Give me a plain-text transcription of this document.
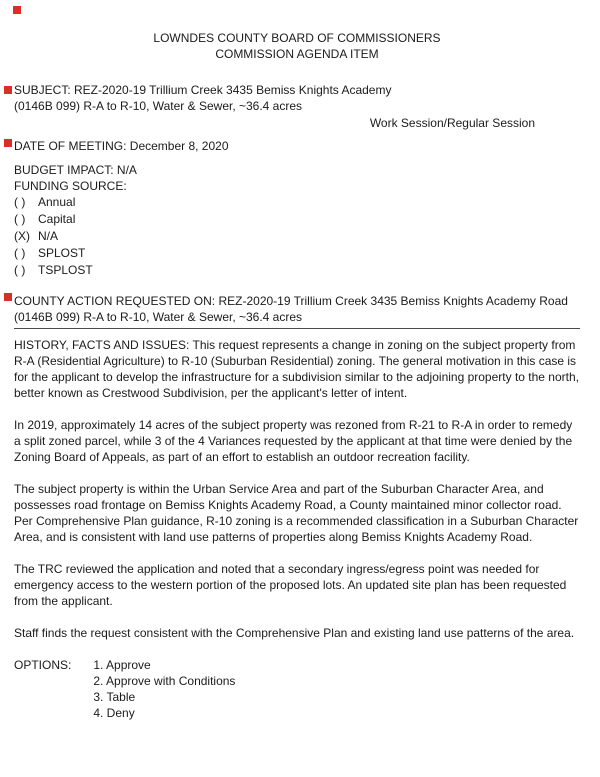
LOWNDES COUNTY BOARD OF COMMISSIONERS
COMMISSION AGENDA ITEM
SUBJECT: REZ-2020-19 Trillium Creek 3435 Bemiss Knights Academy
(0146B 099) R-A to R-10, Water & Sewer, ~36.4 acres
Work Session/Regular Session
DATE OF MEETING: December 8, 2020
BUDGET IMPACT: N/A
FUNDING SOURCE:
( )	Annual
( )	Capital
(X) N/A
( )	SPLOST
( )	TSPLOST
COUNTY ACTION REQUESTED ON: REZ-2020-19 Trillium Creek 3435 Bemiss Knights Academy Road (0146B 099) R-A to R-10, Water & Sewer, ~36.4 acres
HISTORY, FACTS AND ISSUES: This request represents a change in zoning on the subject property from R-A (Residential Agriculture) to R-10 (Suburban Residential) zoning. The general motivation in this case is for the applicant to develop the infrastructure for a subdivision similar to the adjoining property to the north, better known as Crestwood Subdivision, per the applicant's letter of intent.
In 2019, approximately 14 acres of the subject property was rezoned from R-21 to R-A in order to remedy a split zoned parcel, while 3 of the 4 Variances requested by the applicant at that time were denied by the Zoning Board of Appeals, as part of an effort to establish an outdoor recreation facility.
The subject property is within the Urban Service Area and part of the Suburban Character Area, and possesses road frontage on Bemiss Knights Academy Road, a County maintained minor collector road. Per Comprehensive Plan guidance, R-10 zoning is a recommended classification in a Suburban Character Area, and is consistent with land use patterns of properties along Bemiss Knights Academy Road.
The TRC reviewed the application and noted that a secondary ingress/egress point was needed for emergency access to the western portion of the proposed lots. An updated site plan has been requested from the applicant.
Staff finds the request consistent with the Comprehensive Plan and existing land use patterns of the area.
OPTIONS: 1. Approve
2. Approve with Conditions
3. Table
4. Deny
